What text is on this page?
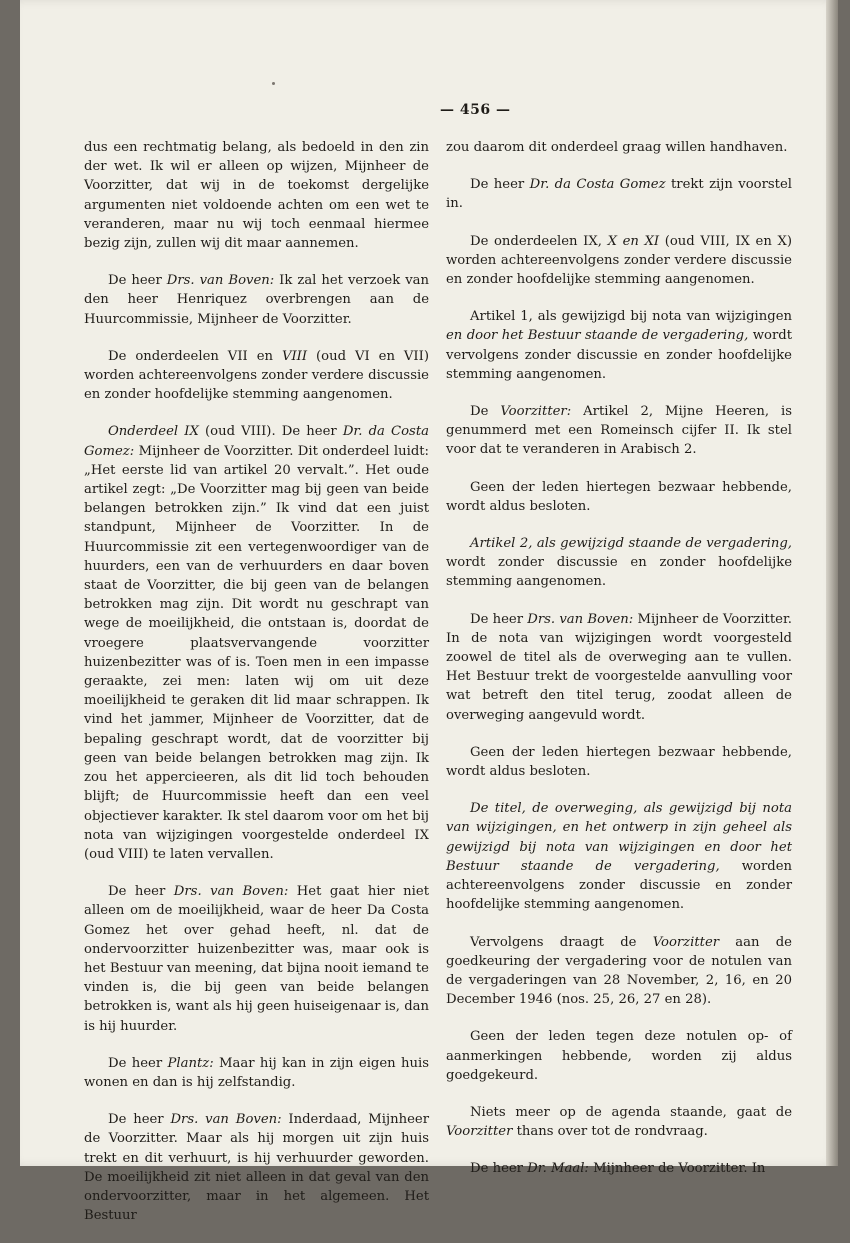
— 456 —

dus een rechtmatig belang, als bedoeld in den zin der wet. Ik wil er alleen op wijzen, Mijnheer de Voorzitter, dat wij in de toekomst dergelijke argumenten niet voldoende achten om een wet te veranderen, maar nu wij toch eenmaal hiermee bezig zijn, zullen wij dit maar aannemen.

De heer Drs. van Boven: Ik zal het verzoek van den heer Henriquez overbrengen aan de Huurcommissie, Mijnheer de Voorzitter.

De onderdeelen VII en VIII (oud VI en VII) worden achtereenvolgens zonder verdere discussie en zonder hoofdelijke stemming aangenomen.

Onderdeel IX (oud VIII). De heer Dr. da Costa Gomez: Mijnheer de Voorzitter. Dit onderdeel luidt: „Het eerste lid van artikel 20 vervalt.”. Het oude artikel zegt: „De Voorzitter mag bij geen van beide belangen betrokken zijn.” Ik vind dat een juist standpunt, Mijnheer de Voorzitter. In de Huurcommissie zit een vertegenwoordiger van de huurders, een van de verhuurders en daar boven staat de Voorzitter, die bij geen van de belangen betrokken mag zijn. Dit wordt nu geschrapt van wege de moeilijkheid, die ontstaan is, doordat de vroegere plaatsvervangende voorzitter huizenbezitter was of is. Toen men in een impasse geraakte, zei men: laten wij om uit deze moeilijkheid te geraken dit lid maar schrappen. Ik vind het jammer, Mijnheer de Voorzitter, dat de bepaling geschrapt wordt, dat de voorzitter bij geen van beide belangen betrokken mag zijn. Ik zou het appercieeren, als dit lid toch behouden blijft; de Huurcommissie heeft dan een veel objectiever karakter. Ik stel daarom voor om het bij nota van wijzigingen voorgestelde onderdeel IX (oud VIII) te laten vervallen.

De heer Drs. van Boven: Het gaat hier niet alleen om de moeilijkheid, waar de heer Da Costa Gomez het over gehad heeft, nl. dat de ondervoorzitter huizenbezitter was, maar ook is het Bestuur van meening, dat bijna nooit iemand te vinden is, die bij geen van beide belangen betrokken is, want als hij geen huiseigenaar is, dan is hij huurder.

De heer Plantz: Maar hij kan in zijn eigen huis wonen en dan is hij zelfstandig.

De heer Drs. van Boven: Inderdaad, Mijnheer de Voorzitter. Maar als hij morgen uit zijn huis trekt en dit verhuurt, is hij verhuurder geworden. De moeilijkheid zit niet alleen in dat geval van den ondervoorzitter, maar in het algemeen. Het Bestuur

zou daarom dit onderdeel graag willen handhaven.

De heer Dr. da Costa Gomez trekt zijn voorstel in.

De onderdeelen IX, X en XI (oud VIII, IX en X) worden achtereenvolgens zonder verdere discussie en zonder hoofdelijke stemming aangenomen.

Artikel 1, als gewijzigd bij nota van wijzigingen en door het Bestuur staande de vergadering, wordt vervolgens zonder discussie en zonder hoofdelijke stemming aangenomen.

De Voorzitter: Artikel 2, Mijne Heeren, is genummerd met een Romeinsch cijfer II. Ik stel voor dat te veranderen in Arabisch 2.

Geen der leden hiertegen bezwaar hebbende, wordt aldus besloten.

Artikel 2, als gewijzigd staande de vergadering, wordt zonder discussie en zonder hoofdelijke stemming aangenomen.

De heer Drs. van Boven: Mijnheer de Voorzitter. In de nota van wijzigingen wordt voorgesteld zoowel de titel als de overweging aan te vullen. Het Bestuur trekt de voorgestelde aanvulling voor wat betreft den titel terug, zoodat alleen de overweging aangevuld wordt.

Geen der leden hiertegen bezwaar hebbende, wordt aldus besloten.

De titel, de overweging, als gewijzigd bij nota van wijzigingen, en het ontwerp in zijn geheel als gewijzigd bij nota van wijzigingen en door het Bestuur staande de vergadering, worden achtereenvolgens zonder discussie en zonder hoofdelijke stemming aangenomen.

Vervolgens draagt de Voorzitter aan de goedkeuring der vergadering voor de notulen van de vergaderingen van 28 November, 2, 16, en 20 December 1946 (nos. 25, 26, 27 en 28).

Geen der leden tegen deze notulen op- of aanmerkingen hebbende, worden zij aldus goedgekeurd.

Niets meer op de agenda staande, gaat de Voorzitter thans over tot de rondvraag.

De heer Dr. Maal: Mijnheer de Voorzitter. In
